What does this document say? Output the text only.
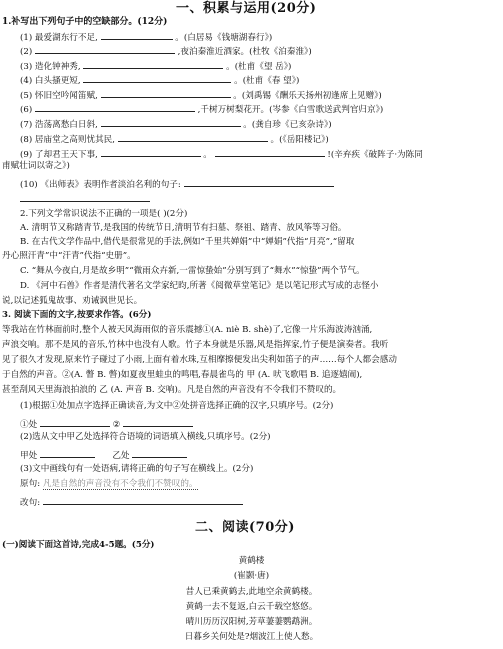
一、积累与运用(20分)
1.补写出下列句子中的空缺部分。(12分)
(1) 最爱湖东行不足,	。(白居易《钱塘湖春行》)
(2)	,夜泊秦淮近酒家。(杜牧《泊秦淮》)
(3) 造化钟神秀,	。(杜甫《望 岳》)
(4) 白头搔更短,	。(杜甫《春 望》)
(5) 怀旧空吟闻笛赋,	。(刘禹锡《酬乐天扬州初逢席上见赠》)
(6)	,千树万树梨花开。(岑参《白雪歌送武判官归京》)
(7) 浩荡离愁白日斜,	。(龚自珍《已亥杂诗》)
(8) 居庙堂之高则忧其民,	。(《岳阳楼记》)
(9) 了却君王天下事,	。	!(辛弃疾《破阵子·为陈同
甫赋壮词以寄之》)
(10) 《出师表》表明作者淡泊名利的句子:
2.下列文学常识说法不正确的一项是( )(2分)
A. 清明节又称踏青节,是我国的传统节日,清明节有扫墓、祭祖、踏青、放风筝等习俗。
B. 在古代文学作品中,借代是很常见的手法,例如“千里共婵娟”中“婵娟”代指“月亮”,“留取
丹心照汗青”中“汗青”代指“史册”。
C. “舞从今夜白,月是故乡明”“微雨众卉新,一雷惊蛰始”分别写到了“舞水”“惊蛰”两个节气。
D. 《河中石兽》作者是清代著名文学家纪昀,所著《阅微草堂笔记》是以笔记形式写成的志怪小
说,以记述狐鬼故事、劝诫讽世见长。
3. 阅读下面的文字,按要求作答。(6分)
等我站在竹林面前时,整个人被天风海雨似的音乐震撼①(A. niè B. shè)了,它像一片乐海波涛汹涌,
声浪交响。那不是风的音乐,竹林中也没有人歌。竹子本身就是乐器,风是指挥家,竹子便是演奏者。我听
见了很久才发现,原来竹子碰过了小雨,上面有着水珠,互相摩擦便发出尖利如笛子的声……每个人都会感动
于自然的声音。②(A. 瞥 B. 暼)如夏夜里蛙虫的鸣唱,春晨雀鸟的 甲 (A. 吠飞歌唱 B. 追逐嬉闹),
甚至刮风天里海浪拍浪的 乙 (A. 声音 B. 交响)。凡是自然的声音没有不令我们不赞叹的。
(1)根据①处加点字选择正确读音,为文中②处拼音选择正确的汉字,只填序号。(2分)
①处	②
(2)选从文中甲乙处选择符合语境的词语填入横线,只填序号。(2分)
甲处	乙处
(3)文中画线句有一处语病,请将正确的句子写在横线上。(2分)
原句: 凡是自然的声音没有不令我们不赞叹的。
改句:
二、阅读(70分)
(一)阅读下面这首诗,完成4-5题。(5分)
黄鹤楼
(崔颢·唐)
昔人已乘黄鹤去,此地空余黄鹤楼。
黄鹤一去不复返,白云千载空悠悠。
晴川历历汉阳树,芳草萋萋鹦鹉洲。
日暮乡关何处是?烟波江上使人愁。
